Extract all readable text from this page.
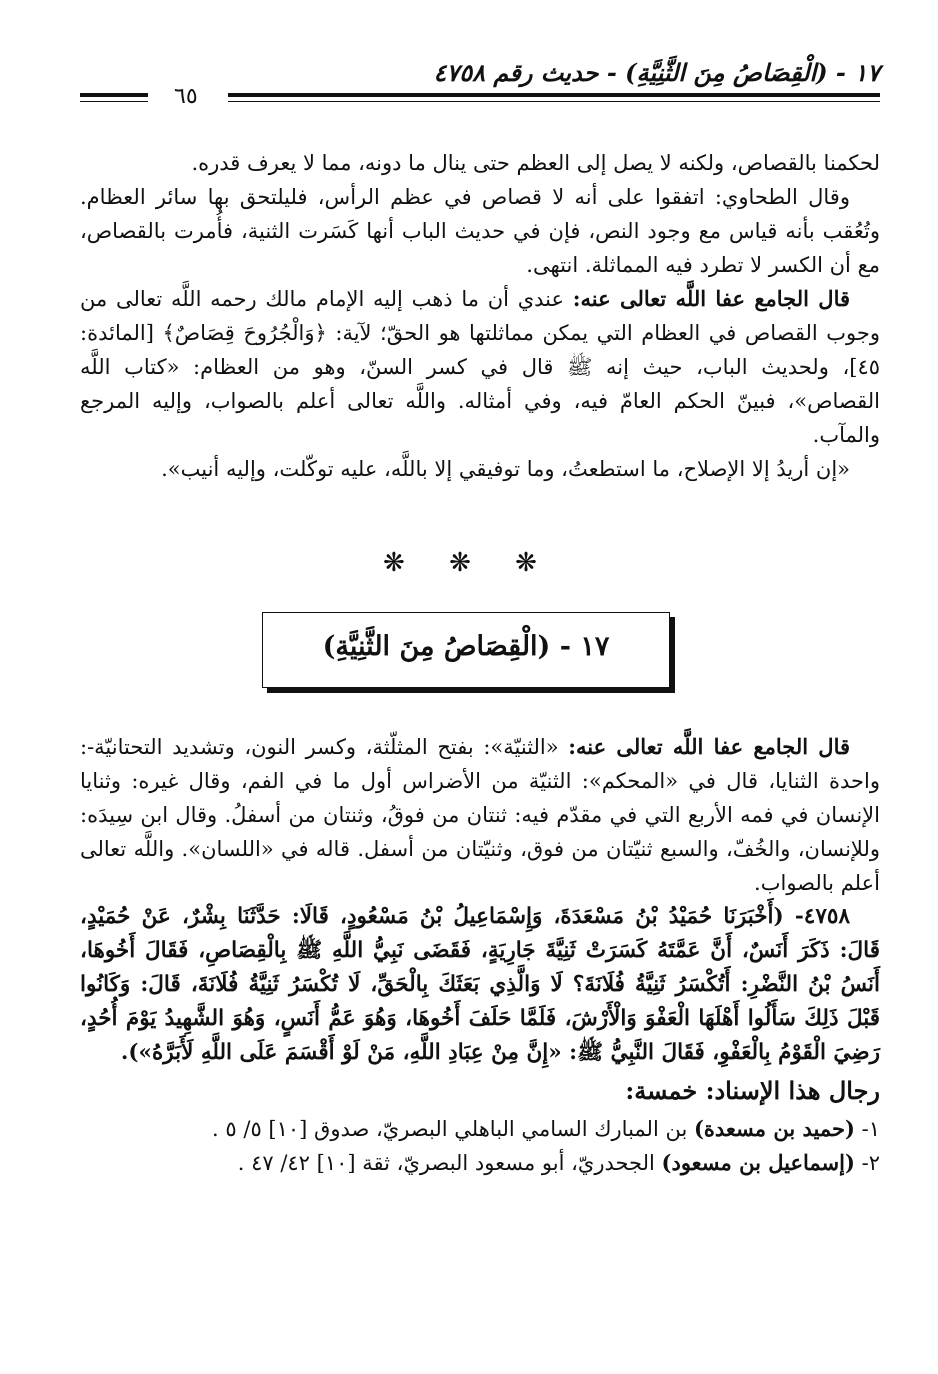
١٧ - (الْقِصَاصُ مِنَ الثَّنِيَّةِ) - حديث رقم ٤٧٥٨
٦٥

لحكمنا بالقصاص، ولكنه لا يصل إلى العظم حتى ينال ما دونه، مما لا يعرف قدره.

وقال الطحاوي: اتفقوا على أنه لا قصاص في عظم الرأس، فليلتحق بها سائر العظام. وتُعُقب بأنه قياس مع وجود النص، فإن في حديث الباب أنها كَسَرت الثنية، فأُمرت بالقصاص، مع أن الكسر لا تطرد فيه المماثلة. انتهى.

قال الجامع عفا اللَّه تعالى عنه: عندي أن ما ذهب إليه الإمام مالك رحمه اللَّه تعالى من وجوب القصاص في العظام التي يمكن مماثلتها هو الحقّ؛ لآية: ﴿وَالْجُرُوحَ قِصَاصٌ﴾ [المائدة: ٤٥]، ولحديث الباب، حيث إنه ﷺ قال في كسر السنّ، وهو من العظام: «كتاب اللَّه القصاص»، فبينّ الحكم العامّ فيه، وفي أمثاله. واللَّه تعالى أعلم بالصواب، وإليه المرجع والمآب.

«إن أريدُ إلا الإصلاح، ما استطعتُ، وما توفيقي إلا باللَّه، عليه توكّلت، وإليه أنيب».

❋ ❋ ❋
١٧ - (الْقِصَاصُ مِنَ الثَّنِيَّةِ)

قال الجامع عفا اللَّه تعالى عنه: «الثنيّة»: بفتح المثلّثة، وكسر النون، وتشديد التحتانيّة-: واحدة الثنايا، قال في «المحكم»: الثنيّة من الأضراس أول ما في الفم، وقال غيره: وثنايا الإنسان في فمه الأربع التي في مقدّم فيه: ثنتان من فوقُ، وثنتان من أسفلُ. وقال ابن سِيدَه: وللإنسان، والخُفّ، والسبع ثنيّتان من فوق، وثنيّتان من أسفل. قاله في «اللسان». واللَّه تعالى أعلم بالصواب.

٤٧٥٨- (أَخْبَرَنَا حُمَيْدُ بْنُ مَسْعَدَةَ، وَإِسْمَاعِيلُ بْنُ مَسْعُودٍ، قَالَا: حَدَّثَنَا بِشْرٌ، عَنْ حُمَيْدٍ، قَالَ: ذَكَرَ أَنَسٌ، أَنَّ عَمَّتَهُ كَسَرَتْ ثَنِيَّةَ جَارِيَةٍ، فَقَضَى نَبِيُّ اللَّهِ ﷺ بِالْقِصَاصِ، فَقَالَ أَخُوهَا، أَنَسُ بْنُ النَّضْرِ: أَتُكْسَرُ ثَنِيَّةُ فُلَانَةَ؟ لَا وَالَّذِي بَعَثَكَ بِالْحَقِّ، لَا تُكْسَرُ ثَنِيَّةُ فُلَانَةَ، قَالَ: وَكَانُوا قَبْلَ ذَلِكَ سَأَلُوا أَهْلَهَا الْعَفْوَ وَالْأَرْشَ، فَلَمَّا حَلَفَ أَخُوهَا، وَهُوَ عَمُّ أَنَسٍ، وَهُوَ الشَّهِيدُ يَوْمَ أُحُدٍ، رَضِيَ الْقَوْمُ بِالْعَفْوِ، فَقَالَ النَّبِيُّ ﷺ: «إِنَّ مِنْ عِبَادِ اللَّهِ، مَنْ لَوْ أَقْسَمَ عَلَى اللَّهِ لَأَبَرَّهُ»).

رجال هذا الإسناد: خمسة:

١- (حميد بن مسعدة) بن المبارك السامي الباهلي البصريّ، صدوق [١٠] ٥/ ٥ .

٢- (إسماعيل بن مسعود) الجحدريّ، أبو مسعود البصريّ، ثقة [١٠] ٤٢/ ٤٧ .
